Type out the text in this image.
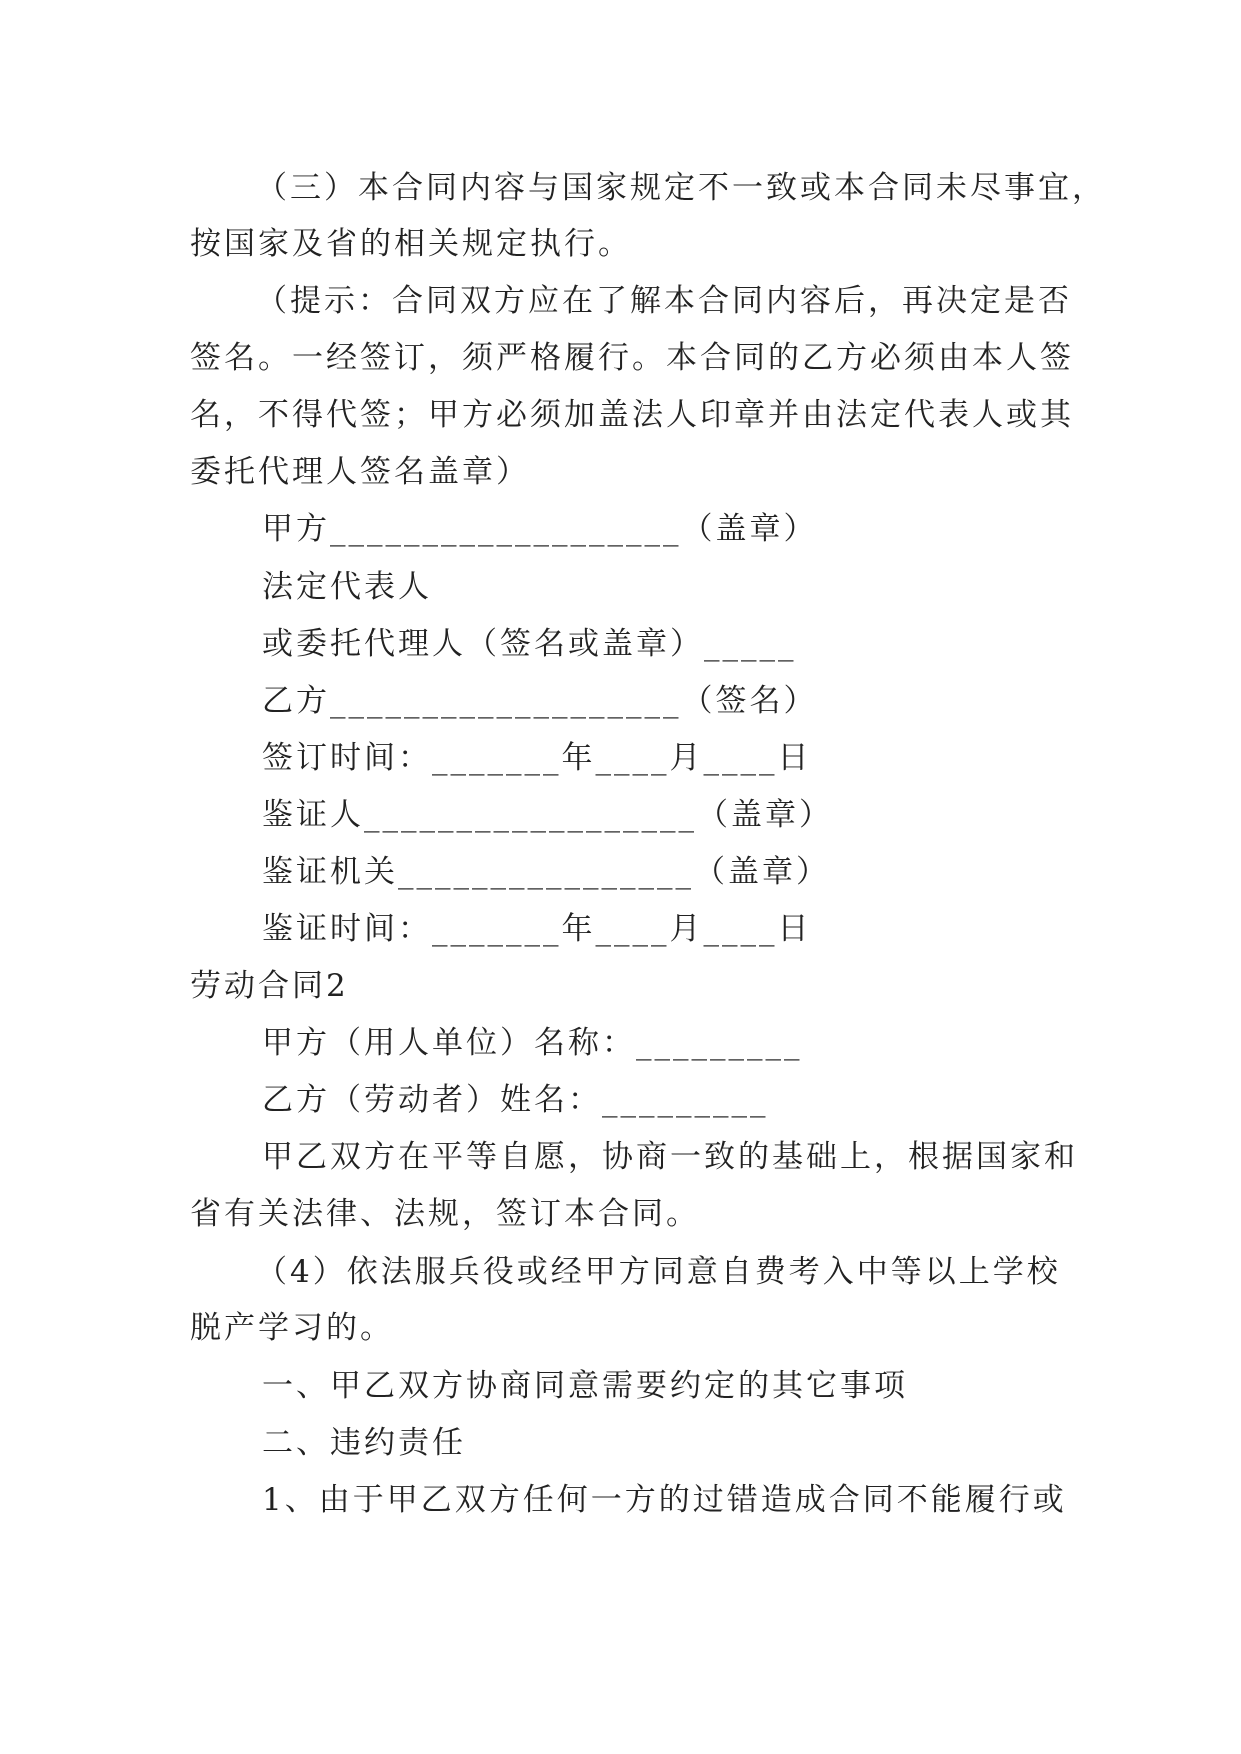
（三）本合同内容与国家规定不一致或本合同未尽事宜，
按国家及省的相关规定执行。
（提示：合同双方应在了解本合同内容后，再决定是否
签名。一经签订，须严格履行。本合同的乙方必须由本人签
名，不得代签；甲方必须加盖法人印章并由法定代表人或其
委托代理人签名盖章）
甲方___________________（盖章）
法定代表人
或委托代理人（签名或盖章）_____
乙方___________________（签名）
签订时间：_______年____月____日
鉴证人__________________（盖章）
鉴证机关________________（盖章）
鉴证时间：_______年____月____日
劳动合同2
甲方（用人单位）名称：_________
乙方（劳动者）姓名：_________
甲乙双方在平等自愿，协商一致的基础上，根据国家和
省有关法律、法规，签订本合同。
（4）依法服兵役或经甲方同意自费考入中等以上学校
脱产学习的。
一、甲乙双方协商同意需要约定的其它事项
二、违约责任
1、由于甲乙双方任何一方的过错造成合同不能履行或
